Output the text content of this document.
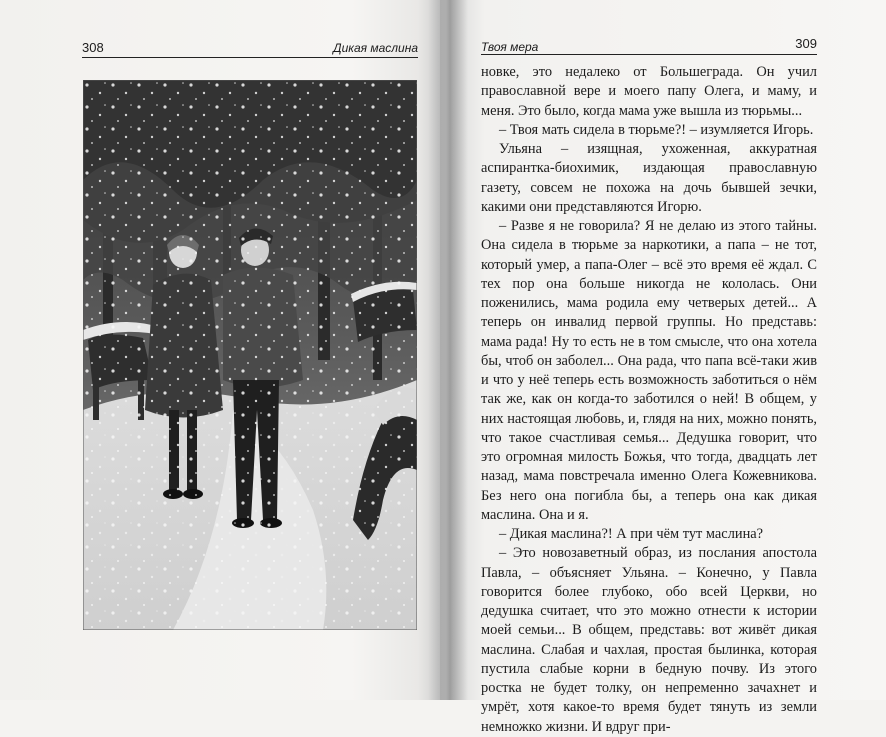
308	Дикая маслина	Твоя мера	309

новке, это недалеко от Большеграда. Он учил православной вере и моего папу Олега, и маму, и меня. Это было, когда мама уже вышла из тюрьмы...

– Твоя мать сидела в тюрьме?! – изумляется Игорь.

Ульяна – изящная, ухоженная, аккуратная аспирантка-биохимик, издающая православную газету, совсем не похожа на дочь бывшей зечки, какими они представляются Игорю.

– Разве я не говорила? Я не делаю из этого тайны. Она сидела в тюрьме за наркотики, а папа – не тот, который умер, а папа-Олег – всё это время её ждал. С тех пор она больше никогда не кололась. Они поженились, мама родила ему четверых детей... А теперь он инвалид первой группы. Но представь: мама рада! Ну то есть не в том смысле, что она хотела бы, чтоб он заболел... Она рада, что папа всё-таки жив и что у неё теперь есть возможность заботиться о нём так же, как он когда-то заботился о ней! В общем, у них настоящая любовь, и, глядя на них, можно понять, что такое счастливая семья... Дедушка говорит, что это огромная милость Божья, что тогда, двадцать лет назад, мама повстречала именно Олега Кожевникова. Без него она погибла бы, а теперь она как дикая маслина. Она и я.

– Дикая маслина?! А при чём тут маслина?

– Это новозаветный образ, из послания апостола Павла, – объясняет Ульяна. – Конечно, у Павла говорится более глубоко, обо всей Церкви, но дедушка считает, что это можно отнести к истории моей семьи... В общем, представь: вот живёт дикая маслина. Слабая и чахлая, простая былинка, которая пустила слабые корни в бедную почву. Из этого ростка не будет толку, он непременно зачахнет и умрёт, хотя какое-то время будет тянуть из земли немножко жизни. И вдруг при-
